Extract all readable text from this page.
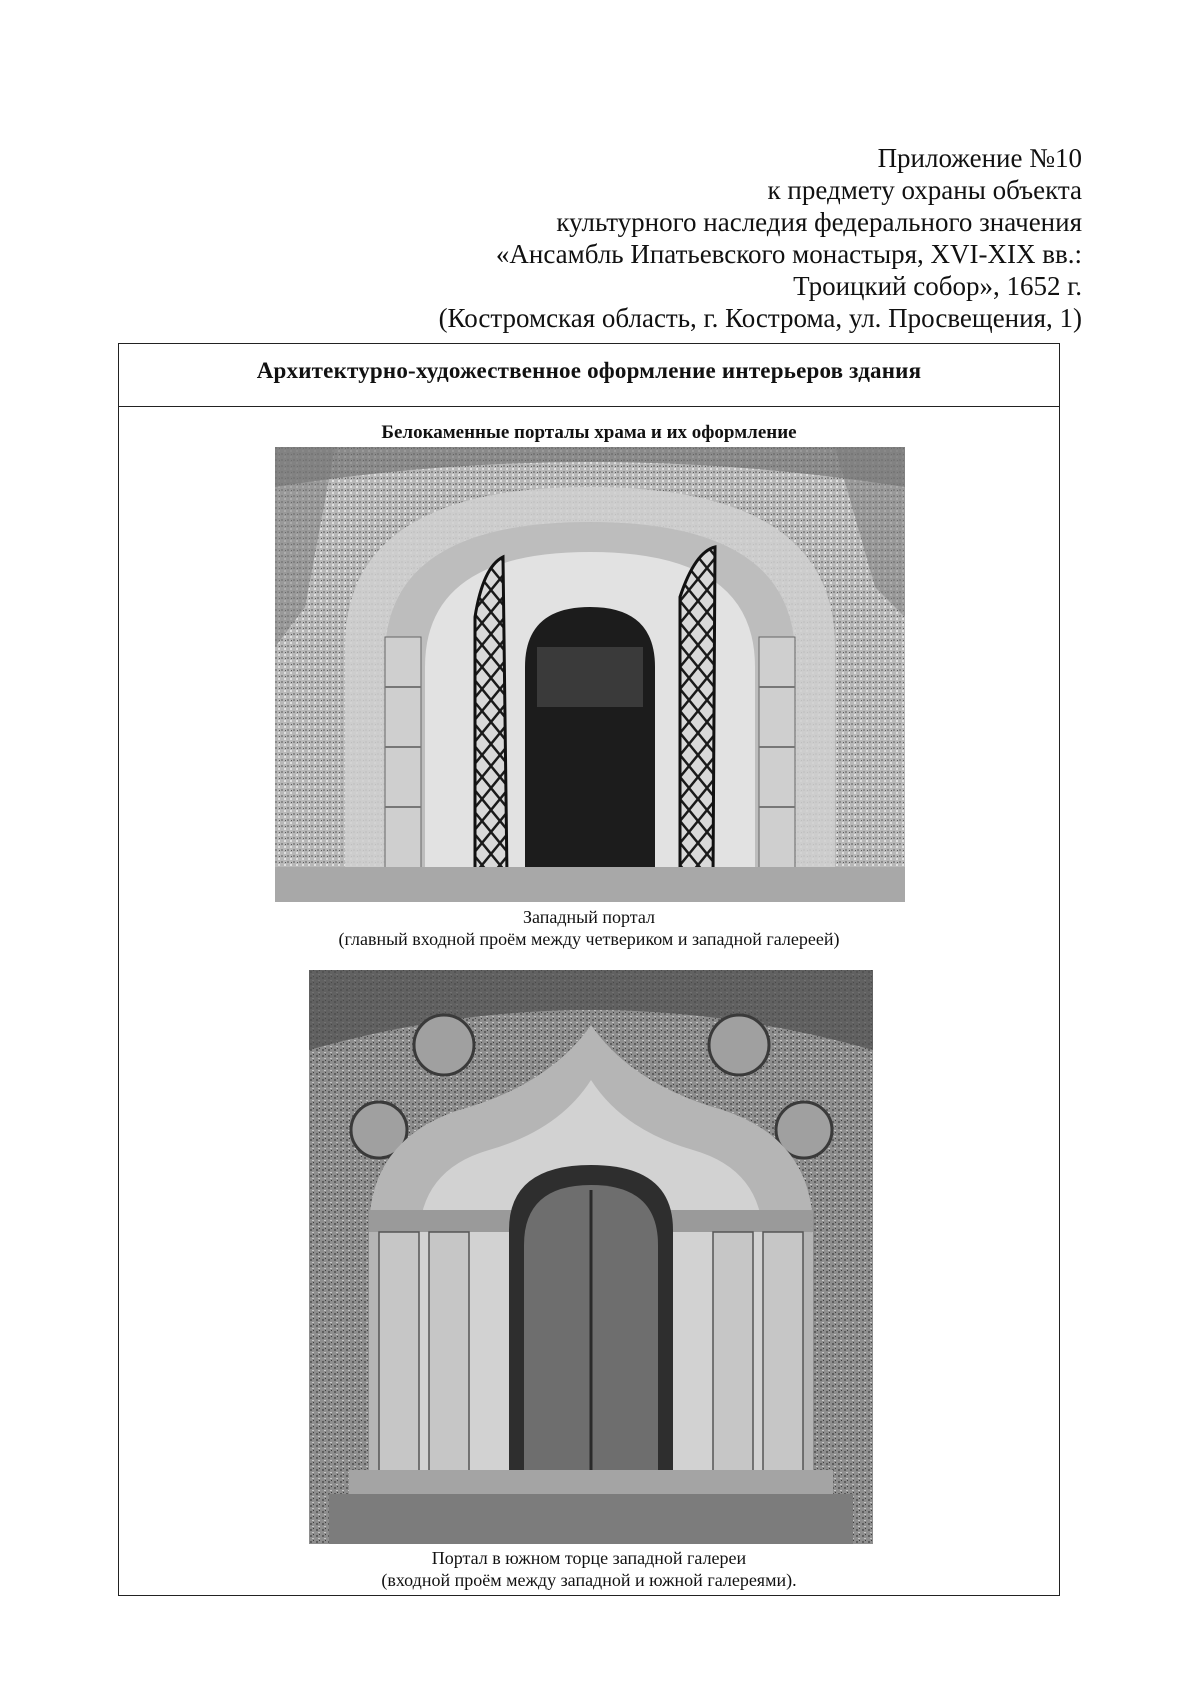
Приложение №10
к предмету охраны объекта
культурного наследия федерального значения
«Ансамбль Ипатьевского монастыря, XVI-XIX вв.:
Троицкий собор», 1652 г.
(Костромская область, г. Кострома, ул. Просвещения, 1)
Архитектурно-художественное оформление интерьеров здания
Белокаменные порталы храма и их оформление
Западный портал
(главный входной проём между четвериком и западной галереей)
Портал в южном торце западной галереи
(входной проём между западной и южной галереями).
